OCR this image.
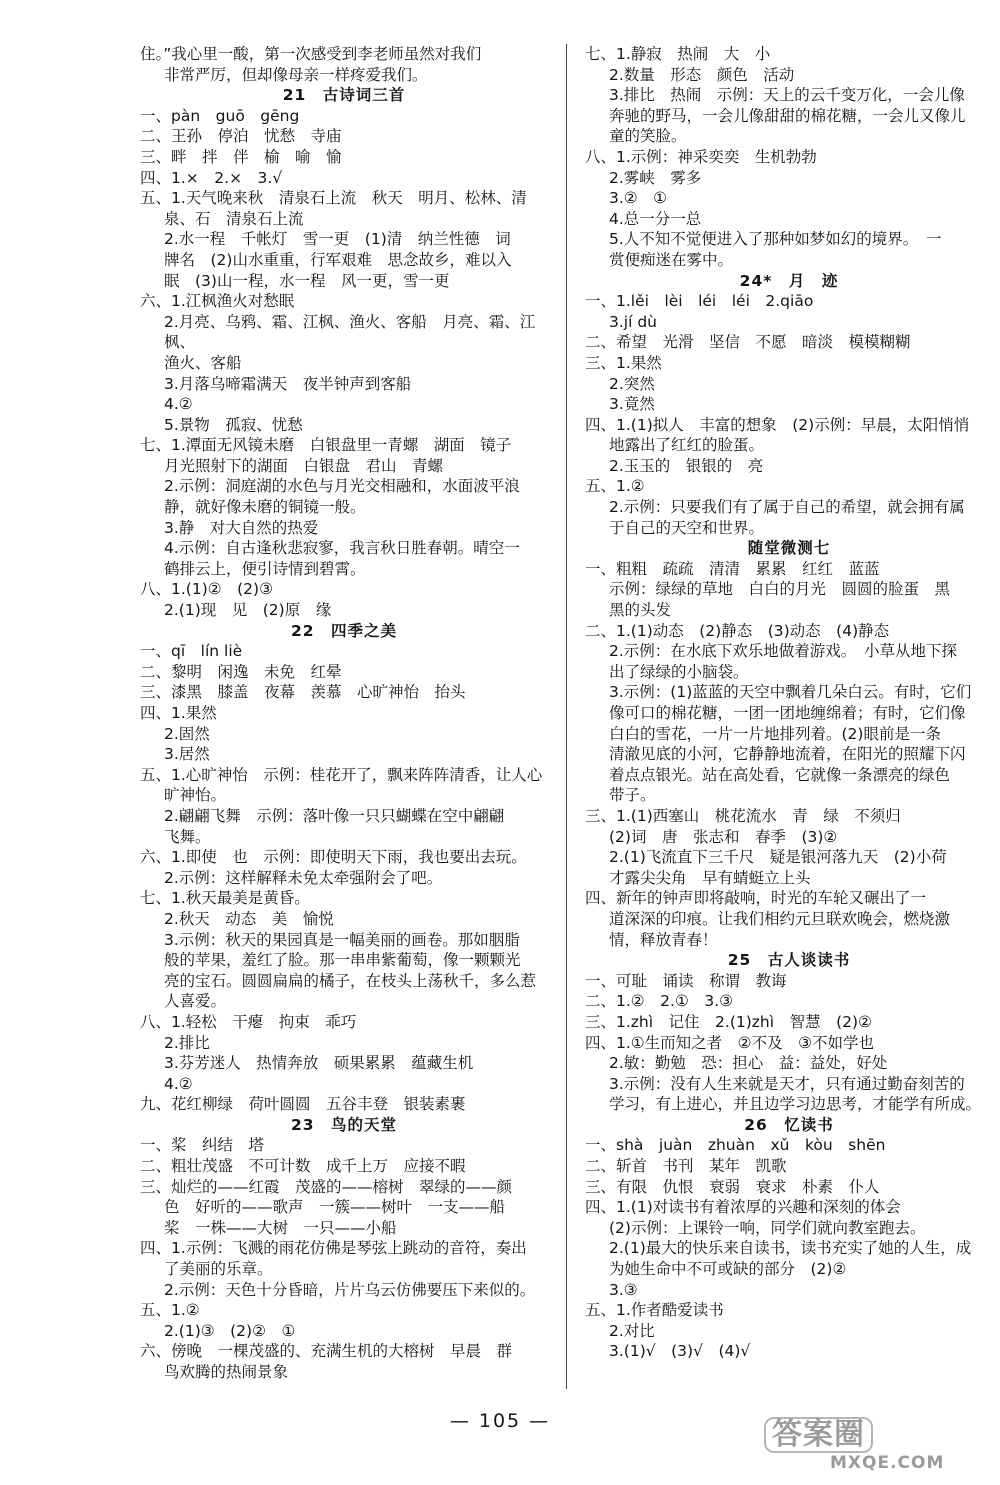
住。”我心里一酸，第一次感受到李老师虽然对我们
非常严厉，但却像母亲一样疼爱我们。
21　古诗词三首
一、pàn　guō　gēng
二、王孙　停泊　忧愁　寺庙
三、畔　拌　伴　榆　喻　愉
四、1.×　2.×　3.√
五、1.天气晚来秋　清泉石上流　秋天　明月、松林、清
泉、石　清泉石上流
2.水一程　千帐灯　雪一更　(1)清　纳兰性德　词
牌名　(2)山水重重，行军艰难　思念故乡，难以入
眠　(3)山一程，水一程　风一更，雪一更
六、1.江枫渔火对愁眠
2.月亮、乌鸦、霜、江枫、渔火、客船　月亮、霜、江枫、
渔火、客船
3.月落乌啼霜满天　夜半钟声到客船
4.②
5.景物　孤寂、忧愁
七、1.潭面无风镜未磨　白银盘里一青螺　湖面　镜子
月光照射下的湖面　白银盘　君山　青螺
2.示例：洞庭湖的水色与月光交相融和，水面波平浪
静，就好像未磨的铜镜一般。
3.静　对大自然的热爱
4.示例：自古逢秋悲寂寥，我言秋日胜春朝。晴空一
鹤排云上，便引诗情到碧霄。
八、1.(1)②　(2)③
2.(1)现　见　(2)原　缘
22　四季之美
一、qī　lín liè
二、黎明　闲逸　未免　红晕
三、漆黑　膝盖　夜幕　羡慕　心旷神怡　抬头
四、1.果然
2.固然
3.居然
五、1.心旷神怡　示例：桂花开了，飘来阵阵清香，让人心
旷神怡。
2.翩翩飞舞　示例：落叶像一只只蝴蝶在空中翩翩
飞舞。
六、1.即使　也　示例：即使明天下雨，我也要出去玩。
2.示例：这样解释未免太牵强附会了吧。
七、1.秋天最美是黄昏。
2.秋天　动态　美　愉悦
3.示例：秋天的果园真是一幅美丽的画卷。那如胭脂
般的苹果，羞红了脸。那一串串紫葡萄，像一颗颗光
亮的宝石。圆圆扁扁的橘子，在枝头上荡秋千，多么惹
人喜爱。
八、1.轻松　干瘪　拘束　乖巧
2.排比
3.芬芳迷人　热情奔放　硕果累累　蕴藏生机
4.②
九、花红柳绿　荷叶圆圆　五谷丰登　银装素裹
23　鸟的天堂
一、桨　纠结　塔
二、粗壮茂盛　不可计数　成千上万　应接不暇
三、灿烂的——红霞　茂盛的——榕树　翠绿的——颜
色　好听的——歌声　一簇——树叶　一支——船
桨　一株——大树　一只——小船
四、1.示例：飞溅的雨花仿佛是琴弦上跳动的音符，奏出
了美丽的乐章。
2.示例：天色十分昏暗，片片乌云仿佛要压下来似的。
五、1.②
2.(1)③　(2)②　①
六、傍晚　一棵茂盛的、充满生机的大榕树　早晨　群
鸟欢腾的热闹景象
七、1.静寂　热闹　大　小
2.数量　形态　颜色　活动
3.排比　热闹　示例：天上的云千变万化，一会儿像
奔驰的野马，一会儿像甜甜的棉花糖，一会儿又像儿
童的笑脸。
八、1.示例：神采奕奕　生机勃勃
2.雾峡　雾多
3.②　①
4.总一分一总
5.人不知不觉便进入了那种如梦如幻的境界。　一
赏便痴迷在雾中。
24*　月　迹
一、1.lěi　lèi　léi　léi　2.qiāo
3.jí dù
二、希望　光滑　坚信　不愿　暗淡　模模糊糊
三、1.果然
2.突然
3.竟然
四、1.(1)拟人　丰富的想象　(2)示例：早晨，太阳悄悄
地露出了红红的脸蛋。
2.玉玉的　银银的　亮
五、1.②
2.示例：只要我们有了属于自己的希望，就会拥有属
于自己的天空和世界。
随堂微测七
一、粗粗　疏疏　清清　累累　红红　蓝蓝
示例：绿绿的草地　白白的月光　圆圆的脸蛋　黑
黑的头发
二、1.(1)动态　(2)静态　(3)动态　(4)静态
2.示例：在水底下欢乐地做着游戏。　小草从地下探
出了绿绿的小脑袋。
3.示例：(1)蓝蓝的天空中飘着几朵白云。有时，它们
像可口的棉花糖，一团一团地缠绵着；有时，它们像
白白的雪花，一片一片地排列着。(2)眼前是一条
清澈见底的小河，它静静地流着，在阳光的照耀下闪
着点点银光。站在高处看，它就像一条漂亮的绿色
带子。
三、1.(1)西塞山　桃花流水　青　绿　不须归
(2)词　唐　张志和　春季　(3)②
2.(1)飞流直下三千尺　疑是银河落九天　(2)小荷
才露尖尖角　早有蜻蜓立上头
四、新年的钟声即将敲响，时光的车轮又碾出了一
道深深的印痕。让我们相约元旦联欢晚会，燃烧激
情，释放青春！
25　古人谈读书
一、可耻　诵读　称谓　教诲
二、1.②　2.①　3.③
三、1.zhì　记住　2.(1)zhì　智慧　(2)②
四、1.①生而知之者　②不及　③不如学也
2.敏：勤勉　恐：担心　益：益处，好处
3.示例：没有人生来就是天才，只有通过勤奋刻苦的
学习，有上进心，并且边学习边思考，才能学有所成。
26　忆读书
一、shà　juàn　zhuàn　xǔ　kòu　shēn
二、斩首　书刊　某年　凯歌
三、有限　仇恨　衰弱　衰求　朴素　仆人
四、1.(1)对读书有着浓厚的兴趣和深刻的体会
(2)示例：上课铃一响，同学们就向教室跑去。
2.(1)最大的快乐来自读书，读书充实了她的人生，成
为她生命中不可或缺的部分　(2)②
3.③
五、1.作者酷爱读书
2.对比
3.(1)√　(3)√　(4)√
— 105 —	答案圈
MXQE.COM
